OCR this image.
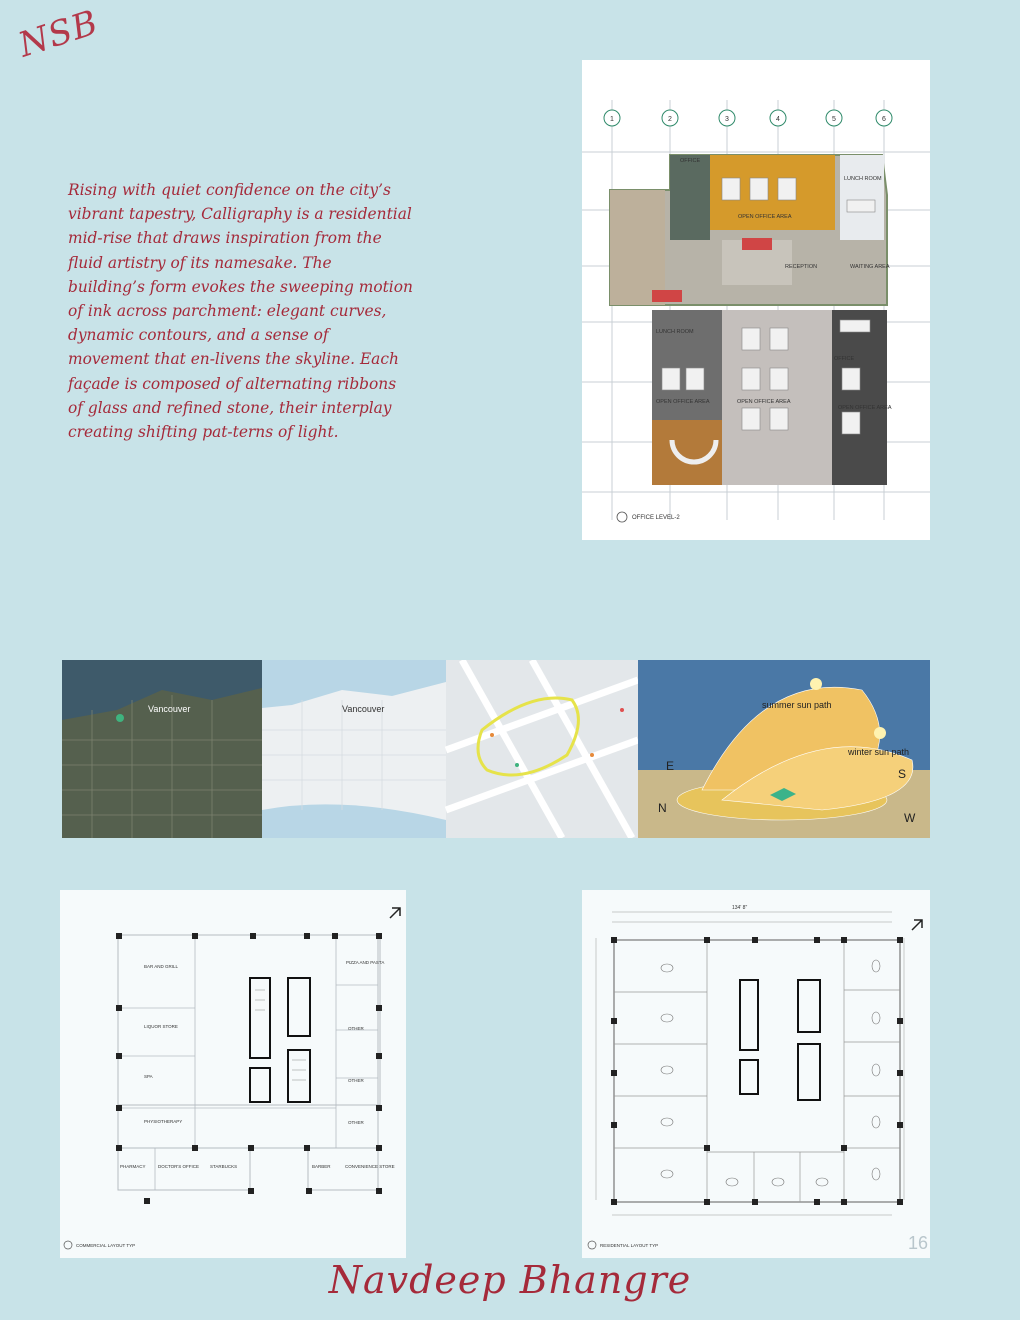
NSB

Rising with quiet confidence on the city’s vibrant tapestry, Calligraphy is a residential mid-rise that draws inspiration from the fluid artistry of its namesake. The building’s form evokes the sweeping motion of ink across parchment: elegant curves, dynamic contours, and a sense of movement that en-livens the skyline. Each façade is composed of alternating ribbons of glass and refined stone, their interplay creating shifting pat-terns of light.

1	2	3	4	5	6
OFFICE
LUNCH ROOM
OPEN OFFICE AREA
RECEPTION	WAITING AREA
LUNCH ROOM
OFFICE
OPEN OFFICE AREA	OPEN OFFICE AREA
OPEN OFFICE AREA
OFFICE LEVEL-2
Vancouver	Vancouver	summer sun path
winter sun path
E
N
S
W
BAR AND GRILL
LIQUOR STORE
SPA
PHYSIOTHERAPY
PHARMACY	DOCTOR'S OFFICE STARBUCKS	BARBER	CONVENIENCE STORE
PIZZA AND PASTA
OTHER
OTHER
OTHER
COMMERCIAL LAYOUT TYP
134' 8"
RESIDENTIAL LAYOUT TYP	16
Navdeep Bhangre
